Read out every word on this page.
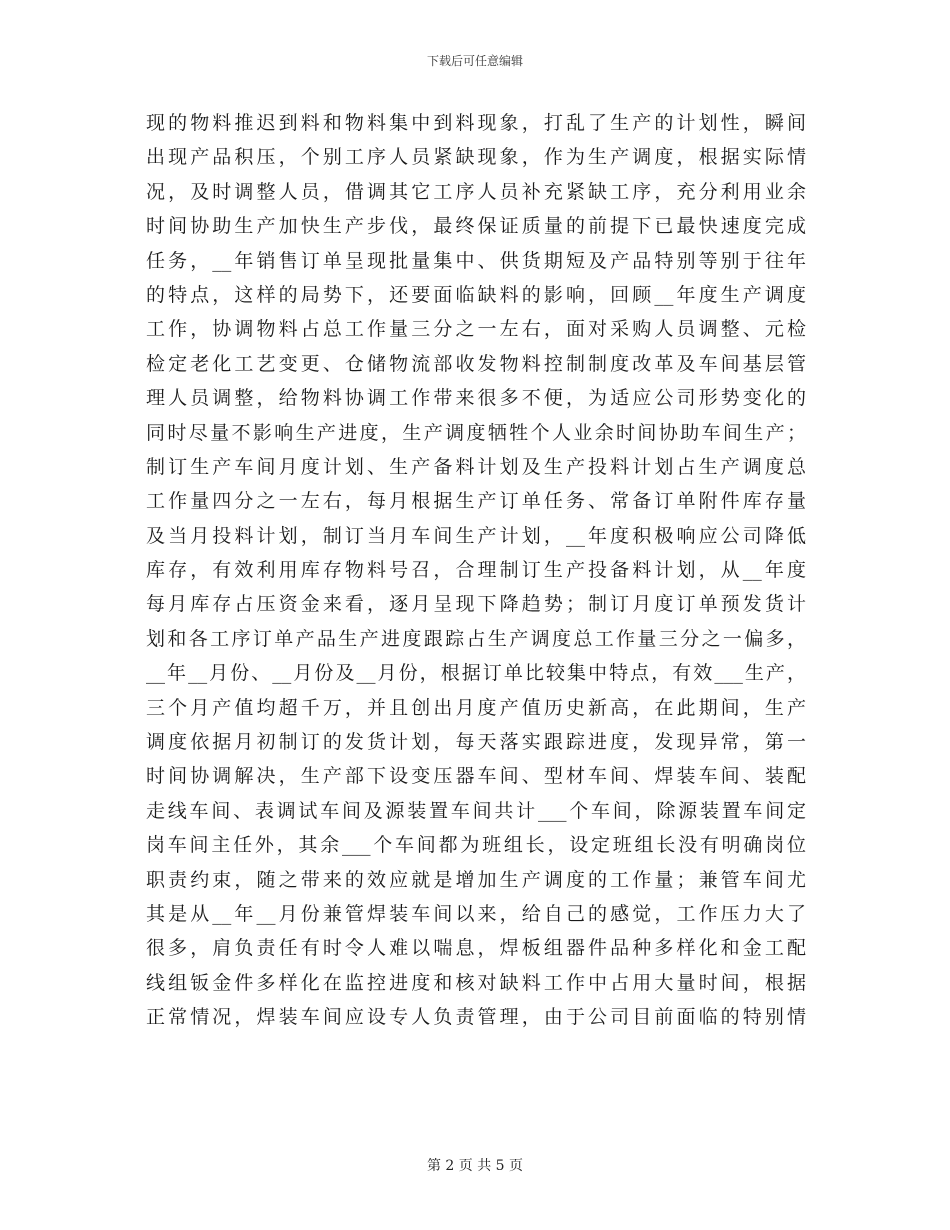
下载后可任意编辑
现的物料推迟到料和物料集中到料现象，打乱了生产的计划性，瞬间
出现产品积压，个别工序人员紧缺现象，作为生产调度，根据实际情
况，及时调整人员，借调其它工序人员补充紧缺工序，充分利用业余
时间协助生产加快生产步伐，最终保证质量的前提下已最快速度完成
任务，__年销售订单呈现批量集中、供货期短及产品特别等别于往年
的特点，这样的局势下，还要面临缺料的影响，回顾__年度生产调度
工作，协调物料占总工作量三分之一左右，面对采购人员调整、元检
检定老化工艺变更、仓储物流部收发物料控制制度改革及车间基层管
理人员调整，给物料协调工作带来很多不便，为适应公司形势变化的
同时尽量不影响生产进度，生产调度牺牲个人业余时间协助车间生产；
制订生产车间月度计划、生产备料计划及生产投料计划占生产调度总
工作量四分之一左右，每月根据生产订单任务、常备订单附件库存量
及当月投料计划，制订当月车间生产计划，__年度积极响应公司降低
库存，有效利用库存物料号召，合理制订生产投备料计划，从__年度
每月库存占压资金来看，逐月呈现下降趋势；制订月度订单预发货计
划和各工序订单产品生产进度跟踪占生产调度总工作量三分之一偏多，
__年__月份、__月份及__月份，根据订单比较集中特点，有效___生产，
三个月产值均超千万，并且创出月度产值历史新高，在此期间，生产
调度依据月初制订的发货计划，每天落实跟踪进度，发现异常，第一
时间协调解决，生产部下设变压器车间、型材车间、焊装车间、装配
走线车间、表调试车间及源装置车间共计___个车间，除源装置车间定
岗车间主任外，其余___个车间都为班组长，设定班组长没有明确岗位
职责约束，随之带来的效应就是增加生产调度的工作量；兼管车间尤
其是从__年__月份兼管焊装车间以来，给自己的感觉，工作压力大了
很多，肩负责任有时令人难以喘息，焊板组器件品种多样化和金工配
线组钣金件多样化在监控进度和核对缺料工作中占用大量时间，根据
正常情况，焊装车间应设专人负责管理，由于公司目前面临的特别情
第 2 页 共 5 页
